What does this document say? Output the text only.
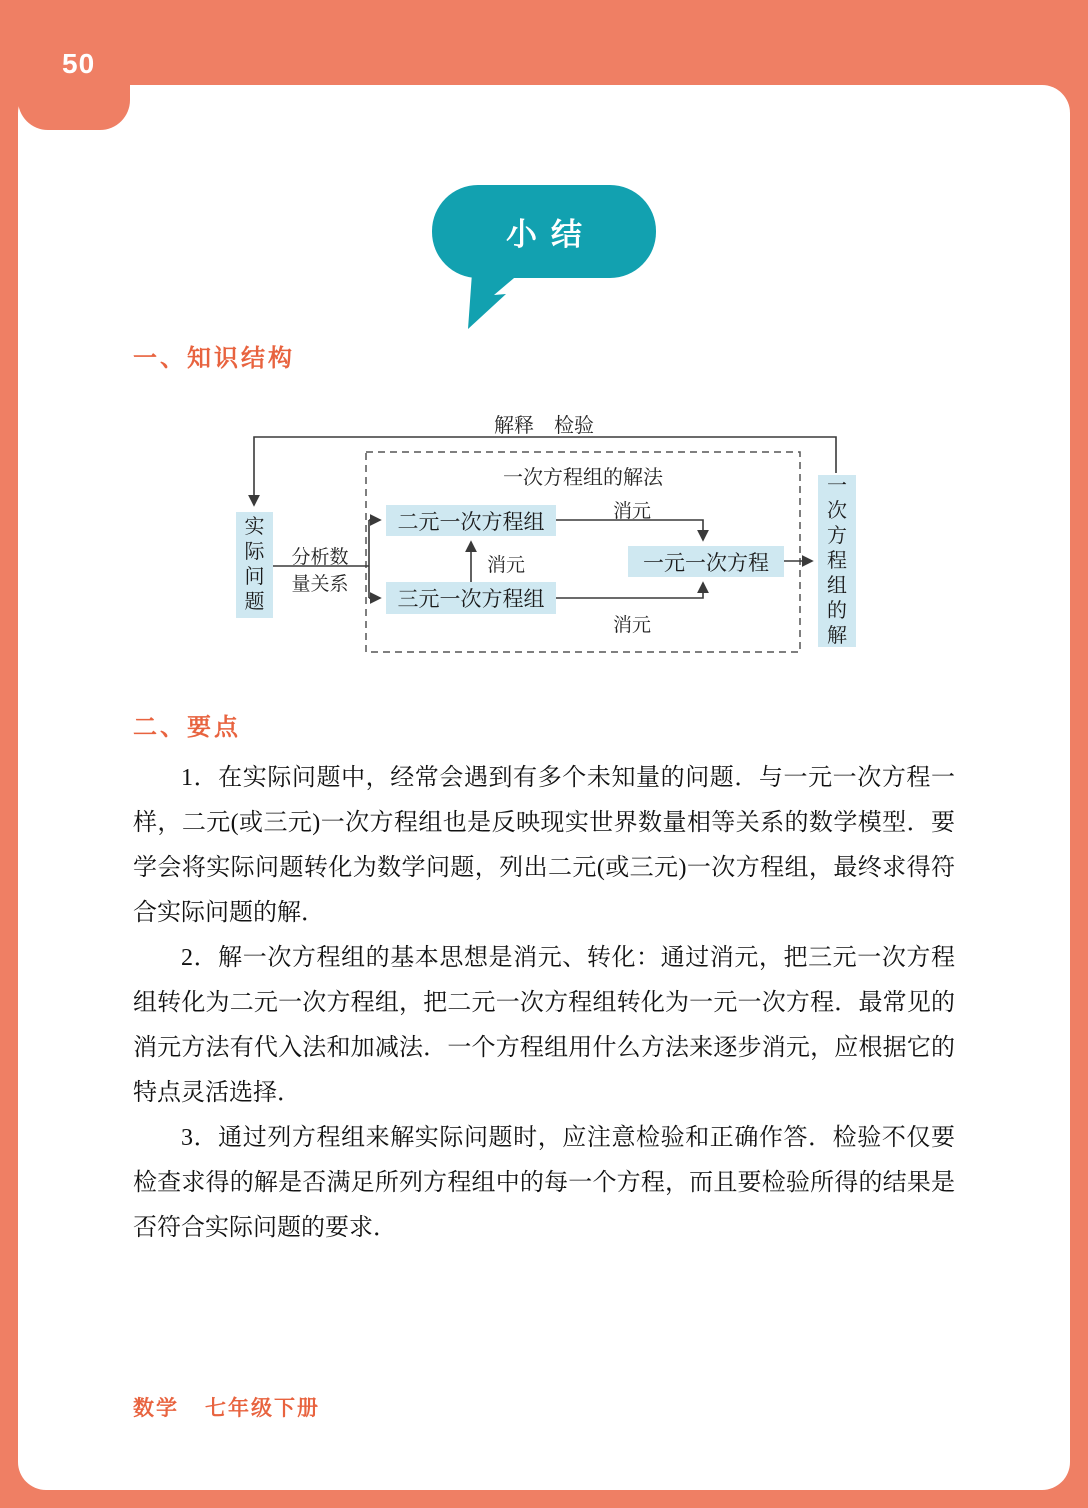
50
小结
一、知识结构
解释　检验
一次方程组的解法
实际问题
分析数
量关系
二元一次方程组
三元一次方程组
一元一次方程
消元
消元
消元
一次方程组的解
二、要点

1．在实际问题中，经常会遇到有多个未知量的问题．与一元一次方程一样，二元(或三元)一次方程组也是反映现实世界数量相等关系的数学模型．要学会将实际问题转化为数学问题，列出二元(或三元)一次方程组，最终求得符合实际问题的解．

2．解一次方程组的基本思想是消元、转化：通过消元，把三元一次方程组转化为二元一次方程组，把二元一次方程组转化为一元一次方程．最常见的消元方法有代入法和加减法．一个方程组用什么方法来逐步消元，应根据它的特点灵活选择．

3．通过列方程组来解实际问题时，应注意检验和正确作答．检验不仅要检查求得的解是否满足所列方程组中的每一个方程，而且要检验所得的结果是否符合实际问题的要求．

数学 七年级下册
